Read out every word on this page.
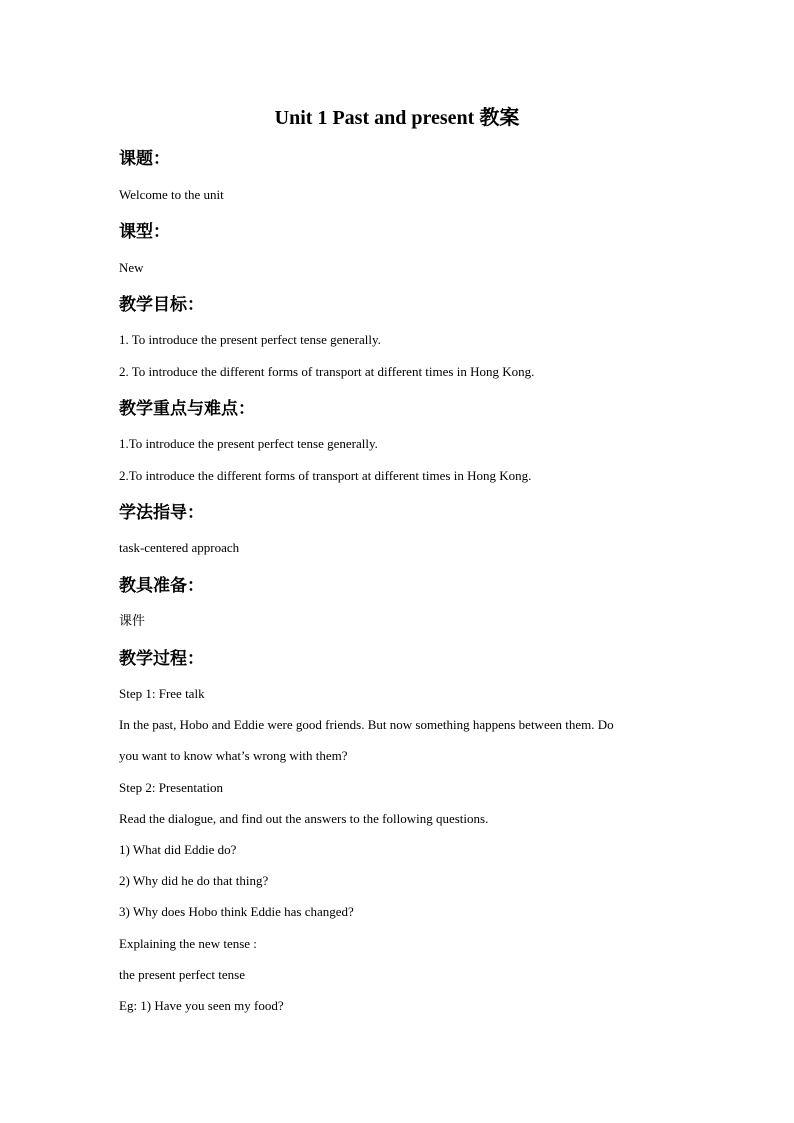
Unit 1 Past and present 教案
课题：
Welcome to the unit
课型：
New
教学目标：
1. To introduce the present perfect tense generally.
2. To introduce the different forms of transport at different times in Hong Kong.
教学重点与难点：
1.To introduce the present perfect tense generally.
2.To introduce the different forms of transport at different times in Hong Kong.
学法指导：
task-centered approach
教具准备：
课件
教学过程：
Step 1: Free talk
In the past, Hobo and Eddie were good friends. But now something happens between them. Do
you want to know what’s wrong with them?
Step 2: Presentation
Read the dialogue, and find out the answers to the following questions.
1) What did Eddie do?
2) Why did he do that thing?
3) Why does Hobo think Eddie has changed?
Explaining the new tense :
the present perfect tense
Eg: 1) Have you seen my food?
